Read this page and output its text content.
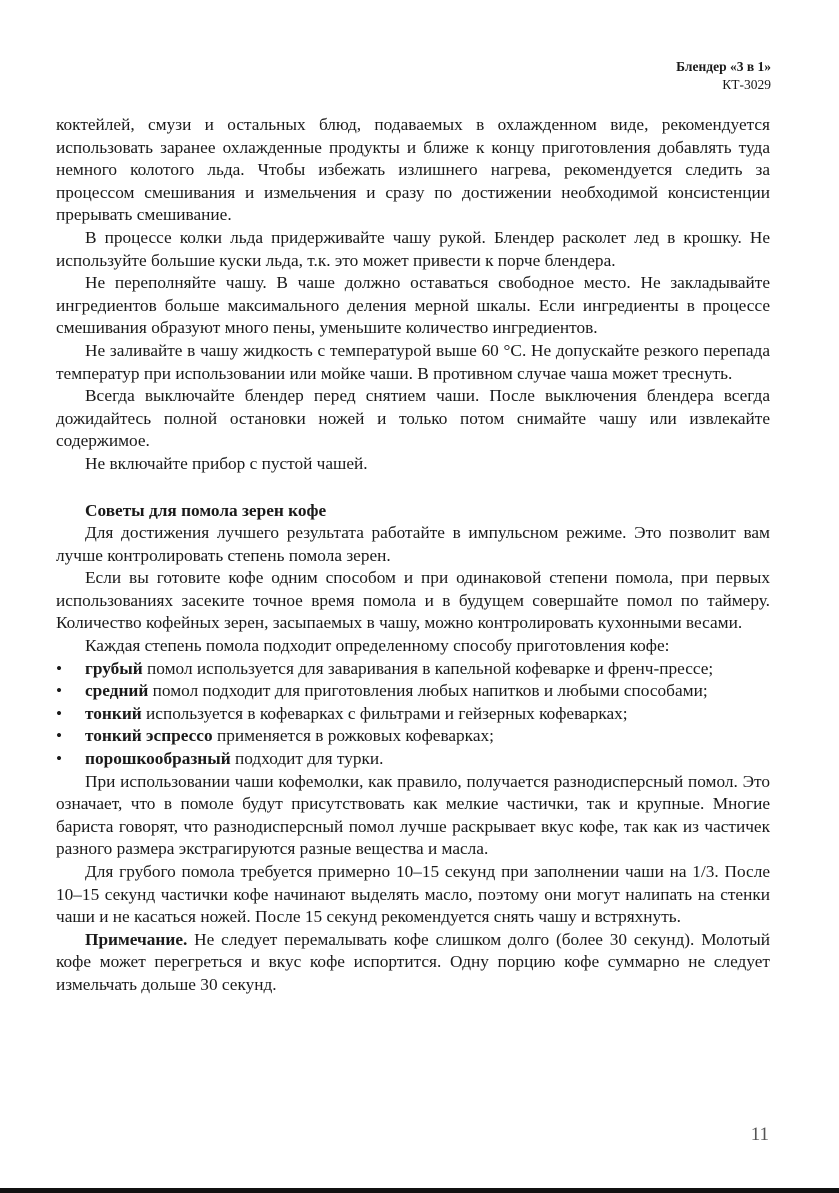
Блендер «3 в 1»
КТ-3029

коктейлей, смузи и остальных блюд, подаваемых в охлажденном виде, рекомендуется использовать заранее охлажденные продукты и ближе к концу приготовления добавлять туда немного колотого льда. Чтобы избежать излишнего нагрева, рекомендуется следить за процессом смешивания и измельчения и сразу по достижении необходимой консистенции прерывать смешивание.

В процессе колки льда придерживайте чашу рукой. Блендер расколет лед в крошку. Не используйте большие куски льда, т.к. это может привести к порче блендера.

Не переполняйте чашу. В чаше должно оставаться свободное место. Не закладывайте ингредиентов больше максимального деления мерной шкалы. Если ингредиенты в процессе смешивания образуют много пены, уменьшите количество ингредиентов.

Не заливайте в чашу жидкость с температурой выше 60 °С. Не допускайте резкого перепада температур при использовании или мойке чаши. В противном случае чаша может треснуть.

Всегда выключайте блендер перед снятием чаши. После выключения блендера всегда дожидайтесь полной остановки ножей и только потом снимайте чашу или извлекайте содержимое.

Не включайте прибор с пустой чашей.

Советы для помола зерен кофе

Для достижения лучшего результата работайте в импульсном режиме. Это позволит вам лучше контролировать степень помола зерен.

Если вы готовите кофе одним способом и при одинаковой степени помола, при первых использованиях засеките точное время помола и в будущем совершайте помол по таймеру. Количество кофейных зерен, засыпаемых в чашу, можно контролировать кухонными весами.

Каждая степень помола подходит определенному способу приготовления кофе:

•	грубый помол используется для заваривания в капельной кофеварке и френч-прессе;
•	средний помол подходит для приготовления любых напитков и любыми способами;
•	тонкий используется в кофеварках с фильтрами и гейзерных кофеварках;
•	тонкий эспрессо применяется в рожковых кофеварках;
•	порошкообразный подходит для турки.

При использовании чаши кофемолки, как правило, получается разнодисперсный помол. Это означает, что в помоле будут присутствовать как мелкие частички, так и крупные. Многие бариста говорят, что разнодисперсный помол лучше раскрывает вкус кофе, так как из частичек разного размера экстрагируются разные вещества и масла.

Для грубого помола требуется примерно 10–15 секунд при заполнении чаши на 1/3. После 10–15 секунд частички кофе начинают выделять масло, поэтому они могут налипать на стенки чаши и не касаться ножей. После 15 секунд рекомендуется снять чашу и встряхнуть.

Примечание. Не следует перемалывать кофе слишком долго (более 30 секунд). Молотый кофе может перегреться и вкус кофе испортится. Одну порцию кофе суммарно не следует измельчать дольше 30 секунд.

11
